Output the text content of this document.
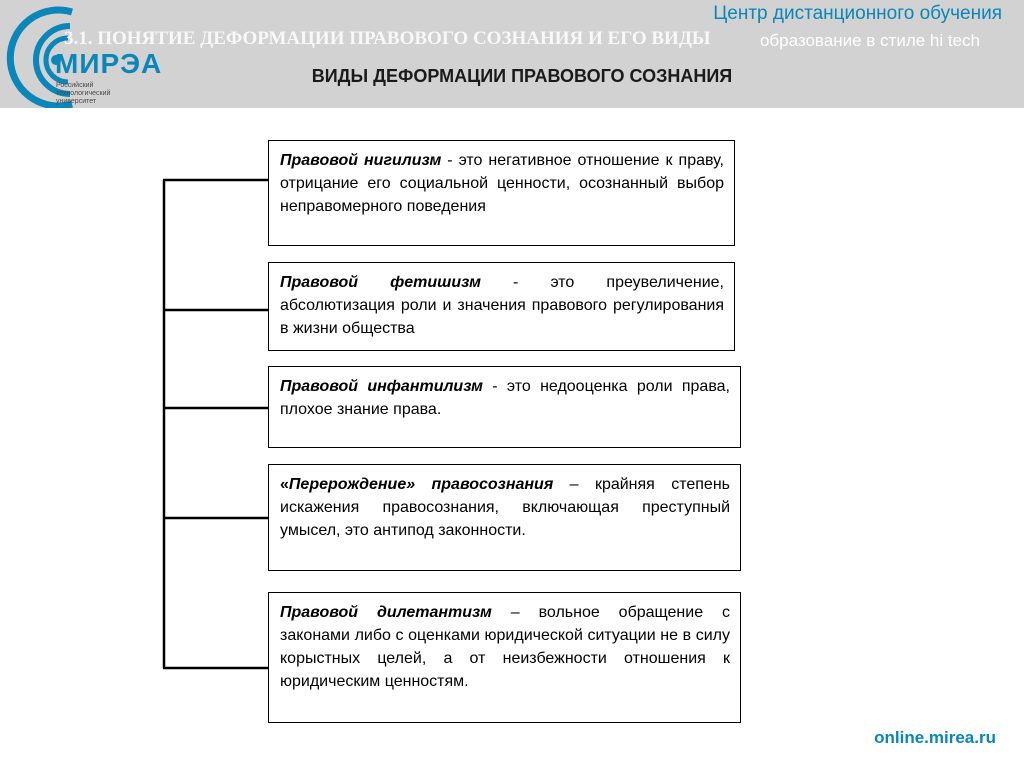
МИРЭА
Российский
технологический
университет
3.1. ПОНЯТИЕ ДЕФОРМАЦИИ ПРАВОВОГО СОЗНАНИЯ И ЕГО ВИДЫ
Центр дистанционного обучения
образование в стиле hi tech
ВИДЫ ДЕФОРМАЦИИ ПРАВОВОГО СОЗНАНИЯ
Правовой нигилизм - это негативное отношение к праву, отрицание его социальной ценности, осознанный выбор неправомерного поведения
Правовой фетишизм - это преувеличение, абсолютизация роли и значения правового регулирования в жизни общества
Правовой инфантилизм - это недооценка роли права, плохое знание права.
«Перерождение» правосознания – крайняя степень искажения правосознания, включающая преступный умысел, это антипод законности.
Правовой дилетантизм – вольное обращение с законами либо с оценками юридической ситуации не в силу корыстных целей, а от неизбежности отношения к юридическим ценностям.
online.mirea.ru
